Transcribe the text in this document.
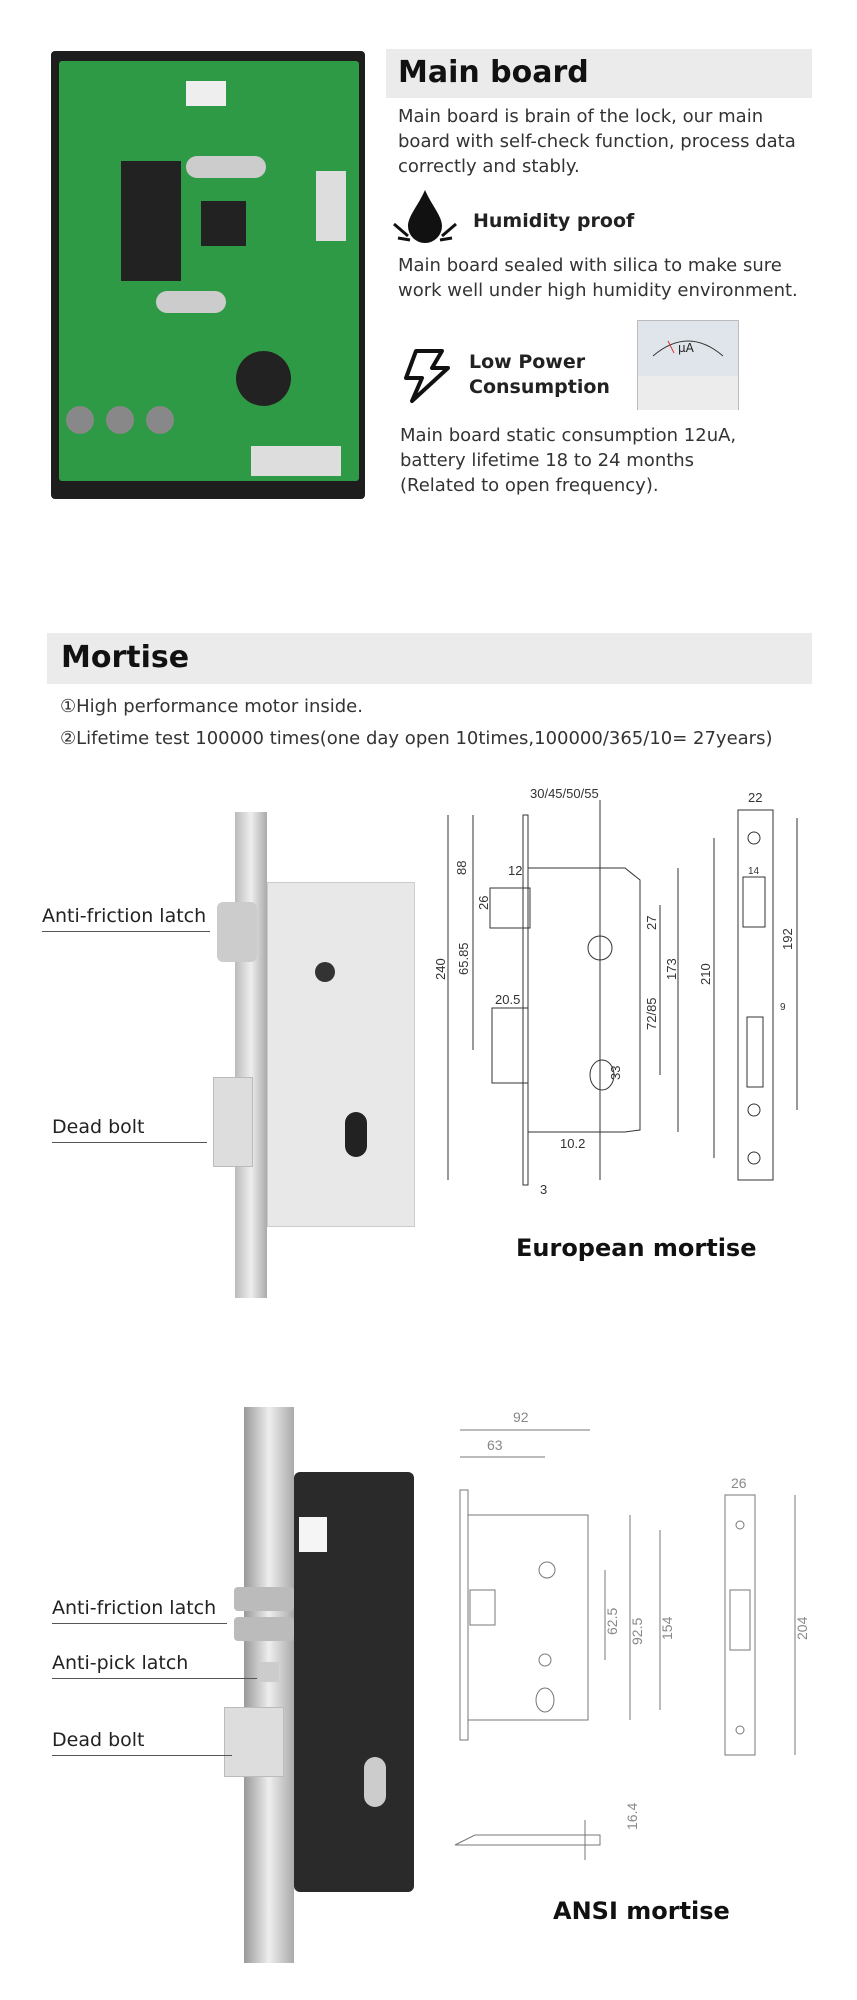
Main board
Main board is brain of the lock, our main board with self-check function, process data correctly and stably.
Humidity proof
Main board sealed with silica to make sure work well under high humidity environment.
Low Power
Consumption
μA
Main board static consumption 12uA,
battery lifetime 18 to 24 months
(Related to open frequency).
Mortise
①High performance motor inside.
②Lifetime test 100000 times(one day open 10times,100000/365/10= 27years)
Anti-friction latch
Dead bolt
30/45/50/55
88	12
26
65.85
240
27
173
72/85
20.5
33
10.2
3
22
14
210
192
9
European mortise
Anti-friction latch
Anti-pick latch
Dead bolt
92
63
62.5 92.5 154
16.4
26
204
ANSI mortise
